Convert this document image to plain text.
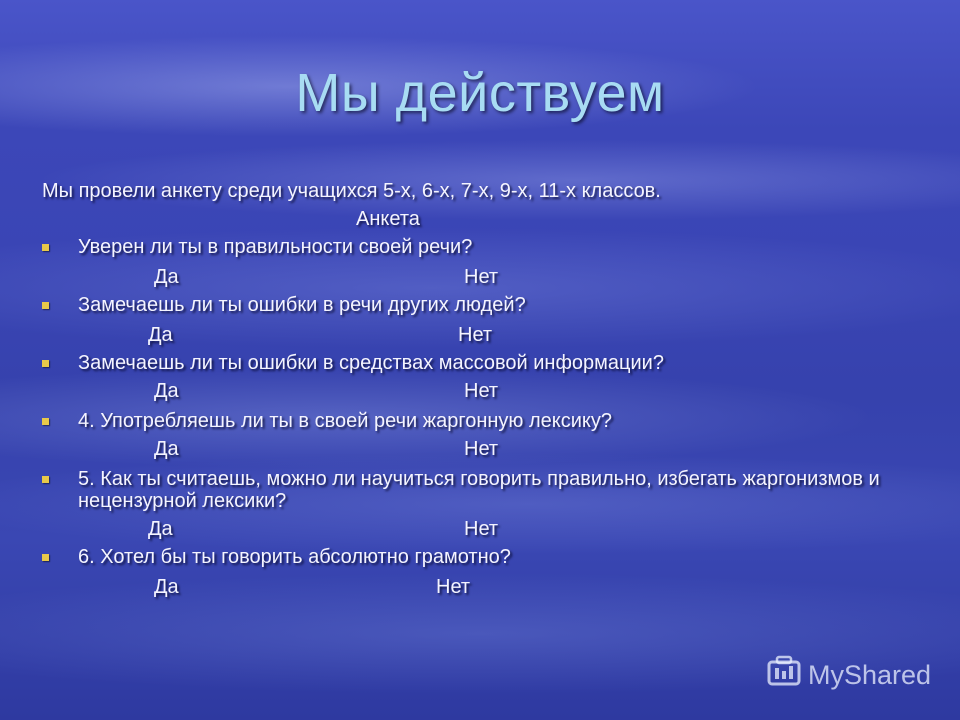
Мы действуем
Мы провели анкету среди учащихся 5-х, 6-х, 7-х, 9-х, 11-х классов.
Анкета
Уверен ли ты в правильности своей речи?
Да	Нет
Замечаешь ли ты ошибки в речи других людей?
Да	Нет
Замечаешь ли ты ошибки в средствах массовой информации?
Да	Нет
4. Употребляешь ли ты в своей речи жаргонную лексику?
Да	Нет
5. Как ты считаешь, можно ли научиться говорить правильно, избегать жаргонизмов и нецензурной лексики?
Да	Нет
6. Хотел бы ты говорить абсолютно грамотно?
Да	Нет
MyShared
